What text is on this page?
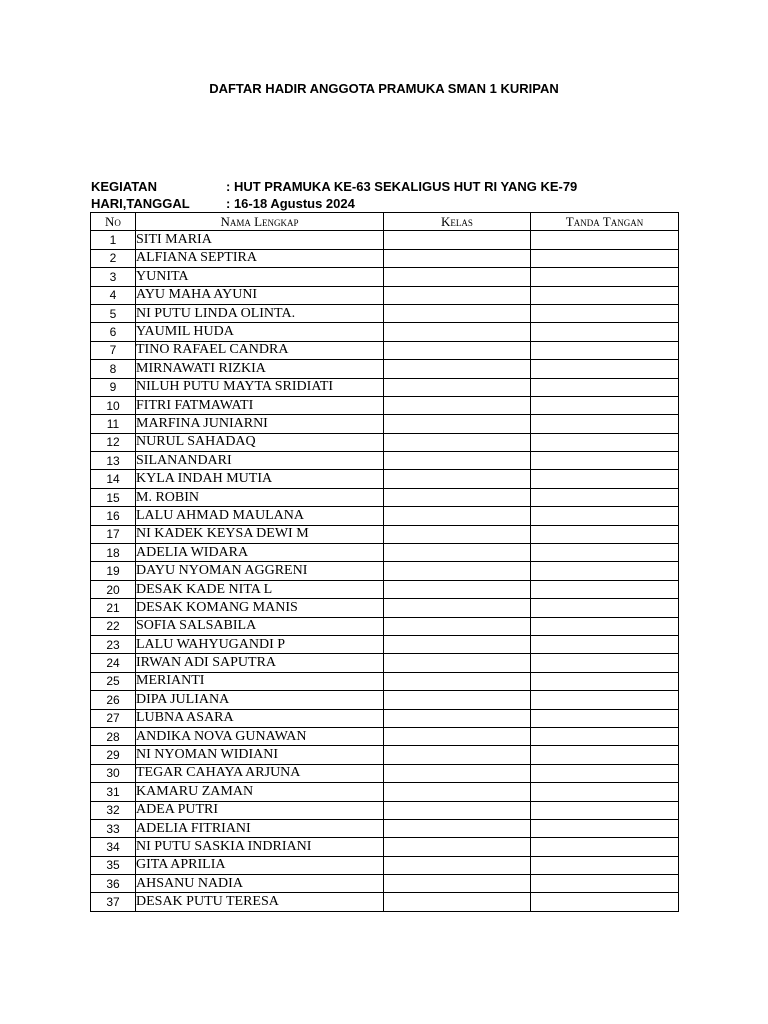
DAFTAR HADIR ANGGOTA PRAMUKA SMAN 1 KURIPAN
KEGIATAN	: HUT PRAMUKA KE-63 SEKALIGUS HUT RI YANG KE-79
HARI,TANGGAL	: 16-18 Agustus 2024
No	Nama Lengkap	Kelas	Tanda Tangan
1	SITI MARIA		
2	ALFIANA SEPTIRA		
3	YUNITA		
4	AYU MAHA AYUNI		
5	NI PUTU LINDA OLINTA.		
6	YAUMIL HUDA		
7	TINO RAFAEL CANDRA		
8	MIRNAWATI RIZKIA		
9	NILUH PUTU MAYTA SRIDIATI		
10	FITRI FATMAWATI		
11	MARFINA JUNIARNI		
12	NURUL SAHADAQ		
13	SILANANDARI		
14	KYLA INDAH MUTIA		
15	M. ROBIN		
16	LALU AHMAD MAULANA		
17	NI KADEK KEYSA DEWI M		
18	ADELIA WIDARA		
19	DAYU NYOMAN AGGRENI		
20	DESAK KADE NITA L		
21	DESAK KOMANG MANIS		
22	SOFIA SALSABILA		
23	LALU WAHYUGANDI P		
24	IRWAN ADI SAPUTRA		
25	MERIANTI		
26	DIPA JULIANA		
27	LUBNA ASARA		
28	ANDIKA NOVA GUNAWAN		
29	NI NYOMAN WIDIANI		
30	TEGAR CAHAYA ARJUNA		
31	KAMARU ZAMAN		
32	ADEA PUTRI		
33	ADELIA FITRIANI		
34	NI PUTU SASKIA INDRIANI		
35	GITA APRILIA		
36	AHSANU NADIA		
37	DESAK PUTU TERESA		
